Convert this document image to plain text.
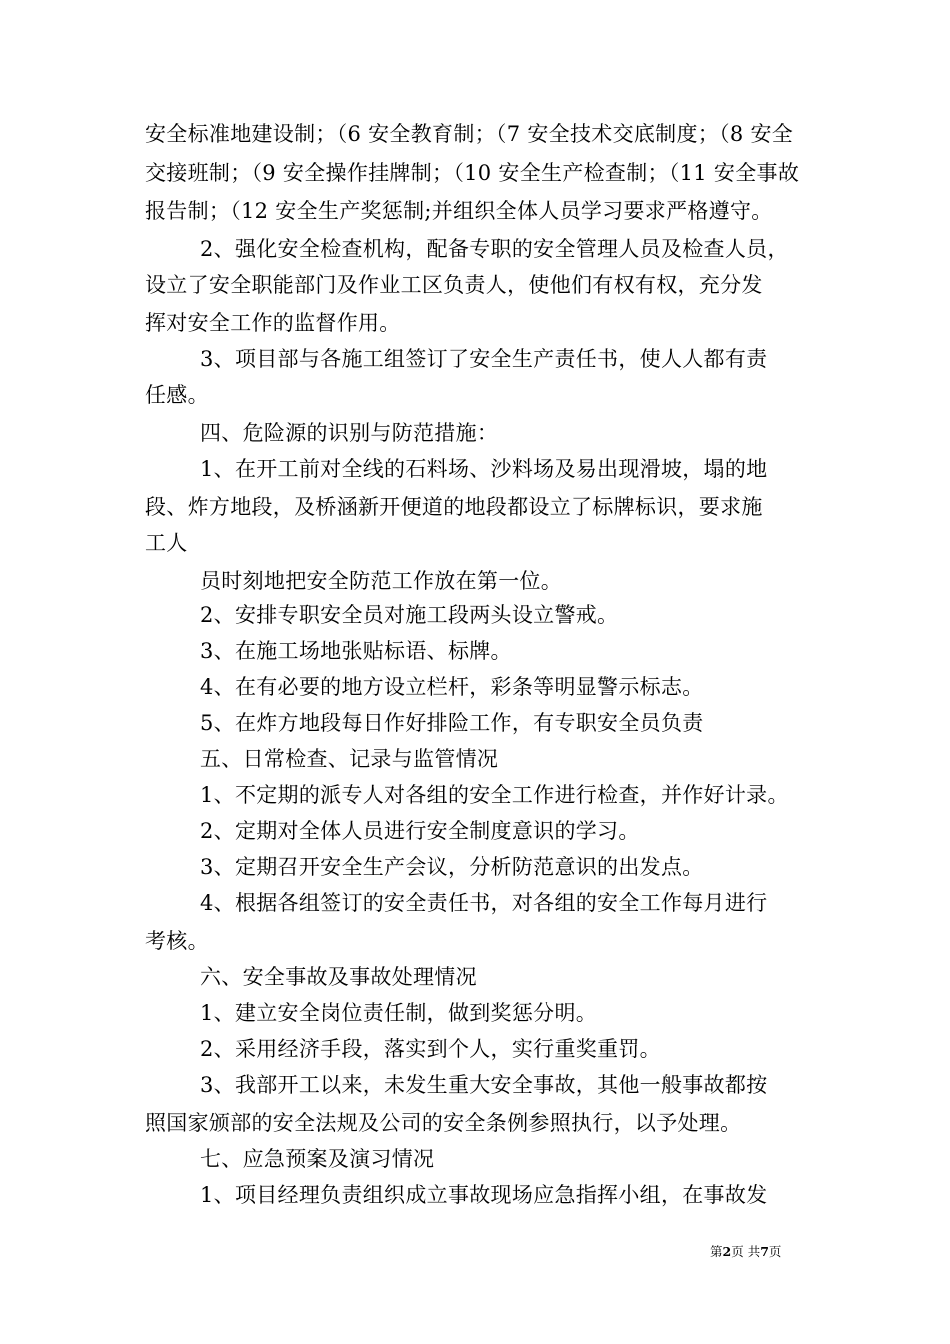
安全标准地建设制；（6 安全教育制；（7 安全技术交底制度；（8 安全
交接班制；（9 安全操作挂牌制；（10 安全生产检查制；（11 安全事故
报告制；（12 安全生产奖惩制;并组织全体人员学习要求严格遵守。
2、强化安全检查机构，配备专职的安全管理人员及检查人员，
设立了安全职能部门及作业工区负责人，使他们有权有权，充分发
挥对安全工作的监督作用。
3、项目部与各施工组签订了安全生产责任书，使人人都有责
任感。
四、危险源的识别与防范措施：
1、在开工前对全线的石料场、沙料场及易出现滑坡，塌的地
段、炸方地段，及桥涵新开便道的地段都设立了标牌标识，要求施
工人
员时刻地把安全防范工作放在第一位。
2、安排专职安全员对施工段两头设立警戒。
3、在施工场地张贴标语、标牌。
4、在有必要的地方设立栏杆，彩条等明显警示标志。
5、在炸方地段每日作好排险工作，有专职安全员负责
五、日常检查、记录与监管情况
1、不定期的派专人对各组的安全工作进行检查，并作好计录。
2、定期对全体人员进行安全制度意识的学习。
3、定期召开安全生产会议，分析防范意识的出发点。
4、根据各组签订的安全责任书，对各组的安全工作每月进行
考核。
六、安全事故及事故处理情况
1、建立安全岗位责任制，做到奖惩分明。
2、采用经济手段，落实到个人，实行重奖重罚。
3、我部开工以来，未发生重大安全事故，其他一般事故都按
照国家颁部的安全法规及公司的安全条例参照执行，以予处理。
七、应急预案及演习情况
1、项目经理负责组织成立事故现场应急指挥小组，在事故发
第2页 共7页
